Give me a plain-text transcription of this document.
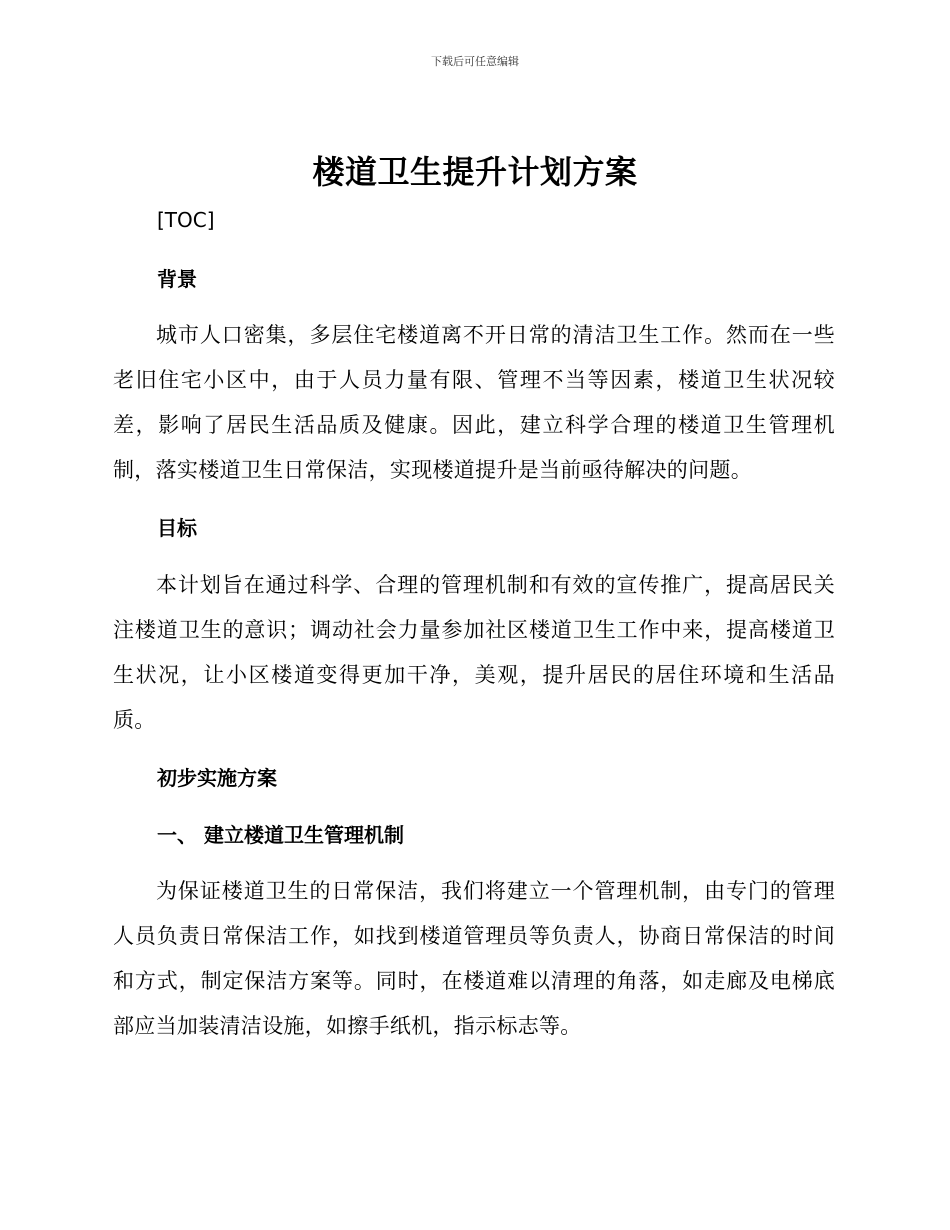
下载后可任意编辑
楼道卫生提升计划方案
[TOC]
背景

城市人口密集，多层住宅楼道离不开日常的清洁卫生工作。然而在一些老旧住宅小区中，由于人员力量有限、管理不当等因素，楼道卫生状况较差，影响了居民生活品质及健康。因此，建立科学合理的楼道卫生管理机制，落实楼道卫生日常保洁，实现楼道提升是当前亟待解决的问题。

目标

本计划旨在通过科学、合理的管理机制和有效的宣传推广，提高居民关注楼道卫生的意识；调动社会力量参加社区楼道卫生工作中来，提高楼道卫生状况，让小区楼道变得更加干净，美观，提升居民的居住环境和生活品质。

初步实施方案
一、 建立楼道卫生管理机制

为保证楼道卫生的日常保洁，我们将建立一个管理机制，由专门的管理人员负责日常保洁工作，如找到楼道管理员等负责人，协商日常保洁的时间和方式，制定保洁方案等。同时，在楼道难以清理的角落，如走廊及电梯底部应当加装清洁设施，如擦手纸机，指示标志等。
